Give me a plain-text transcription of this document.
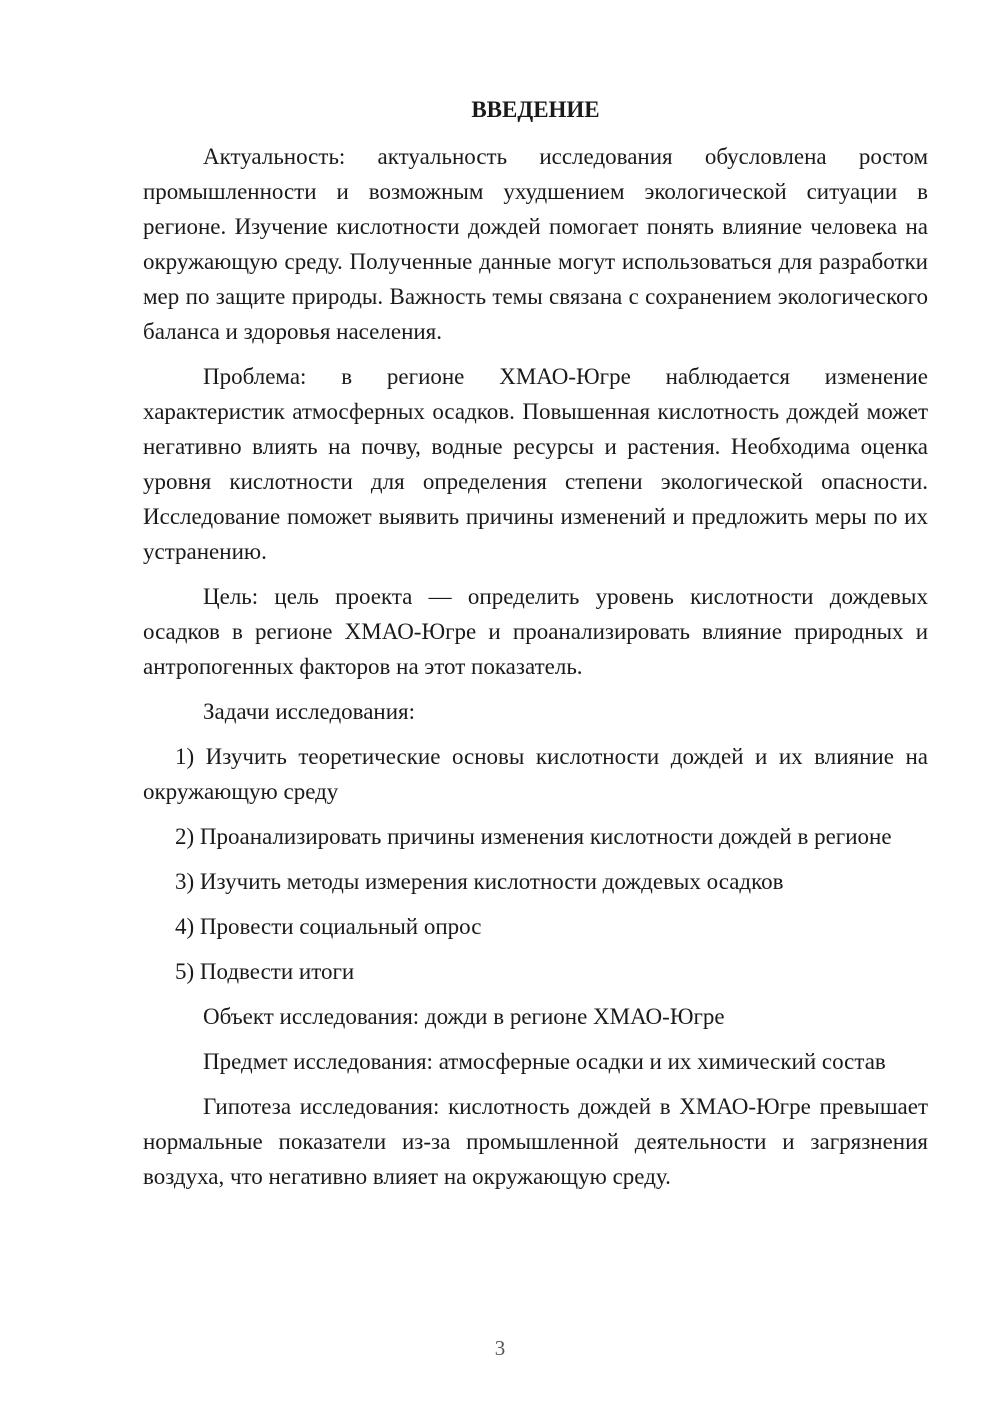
ВВЕДЕНИЕ
Актуальность: актуальность исследования обусловлена ростом промышленности и возможным ухудшением экологической ситуации в регионе. Изучение кислотности дождей помогает понять влияние человека на окружающую среду. Полученные данные могут использоваться для разработки мер по защите природы. Важность темы связана с сохранением экологического баланса и здоровья населения.
Проблема: в регионе ХМАО-Югре наблюдается изменение характеристик атмосферных осадков. Повышенная кислотность дождей может негативно влиять на почву, водные ресурсы и растения. Необходима оценка уровня кислотности для определения степени экологической опасности. Исследование поможет выявить причины изменений и предложить меры по их устранению.
Цель: цель проекта — определить уровень кислотности дождевых осадков в регионе ХМАО-Югре и проанализировать влияние природных и антропогенных факторов на этот показатель.
Задачи исследования:
1) Изучить теоретические основы кислотности дождей и их влияние на окружающую среду
2) Проанализировать причины изменения кислотности дождей в регионе
3) Изучить методы измерения кислотности дождевых осадков
4) Провести социальный опрос
5) Подвести итоги
Объект исследования: дожди в регионе ХМАО-Югре
Предмет исследования: атмосферные осадки и их химический состав
Гипотеза исследования: кислотность дождей в ХМАО-Югре превышает нормальные показатели из-за промышленной деятельности и загрязнения воздуха, что негативно влияет на окружающую среду.
3
